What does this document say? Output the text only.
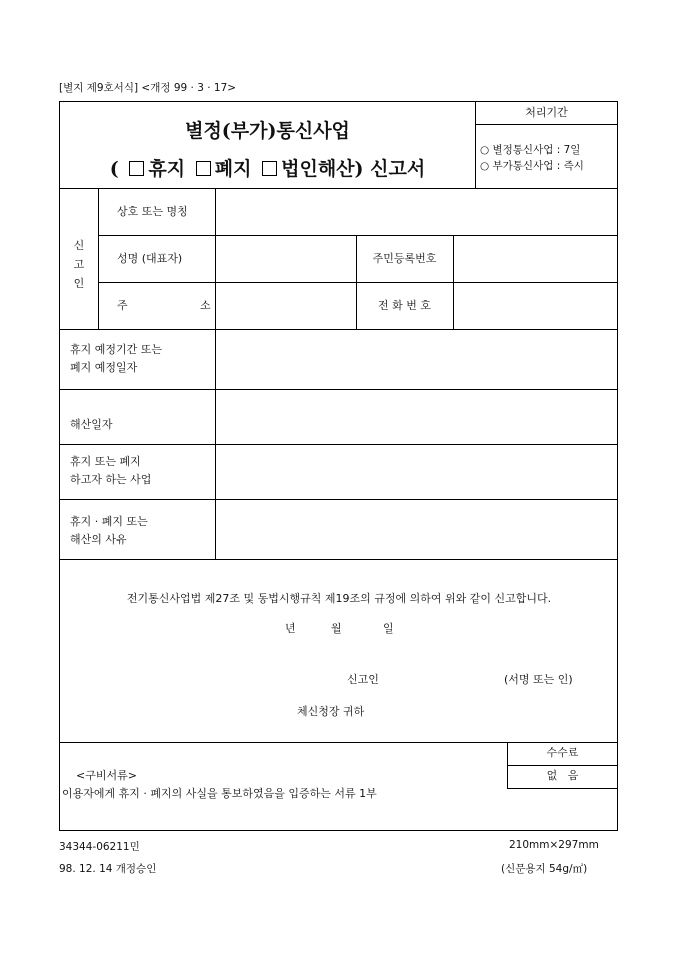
[별지 제9호서식] <개정 99 · 3 · 17>
별정(부가)통신사업
( 휴지 폐지 법인해산) 신고서
처리기간
○ 별정통신사업 : 7일
○ 부가통신사업 : 즉시
신
고
인
상호 또는 명칭
성명 (대표자)	주민등록번호
주	소	전 화 번 호
휴지 예정기간 또는
폐지 예정일자
해산일자
휴지 또는 폐지
하고자 하는 사업
휴지 · 폐지 또는
해산의 사유
전기통신사업법 제27조 및 동법시행규칙 제19조의 규정에 의하여 위와 같이 신고합니다.
년	월	일
신고인	(서명 또는 인)
체신청장 귀하
<구비서류>
이용자에게 휴지 · 폐지의 사실을 통보하였음을 입증하는 서류 1부
수수료
없   음
34344-06211민
98. 12. 14 개정승인
210mm×297mm
(신문용지 54g/㎡)
